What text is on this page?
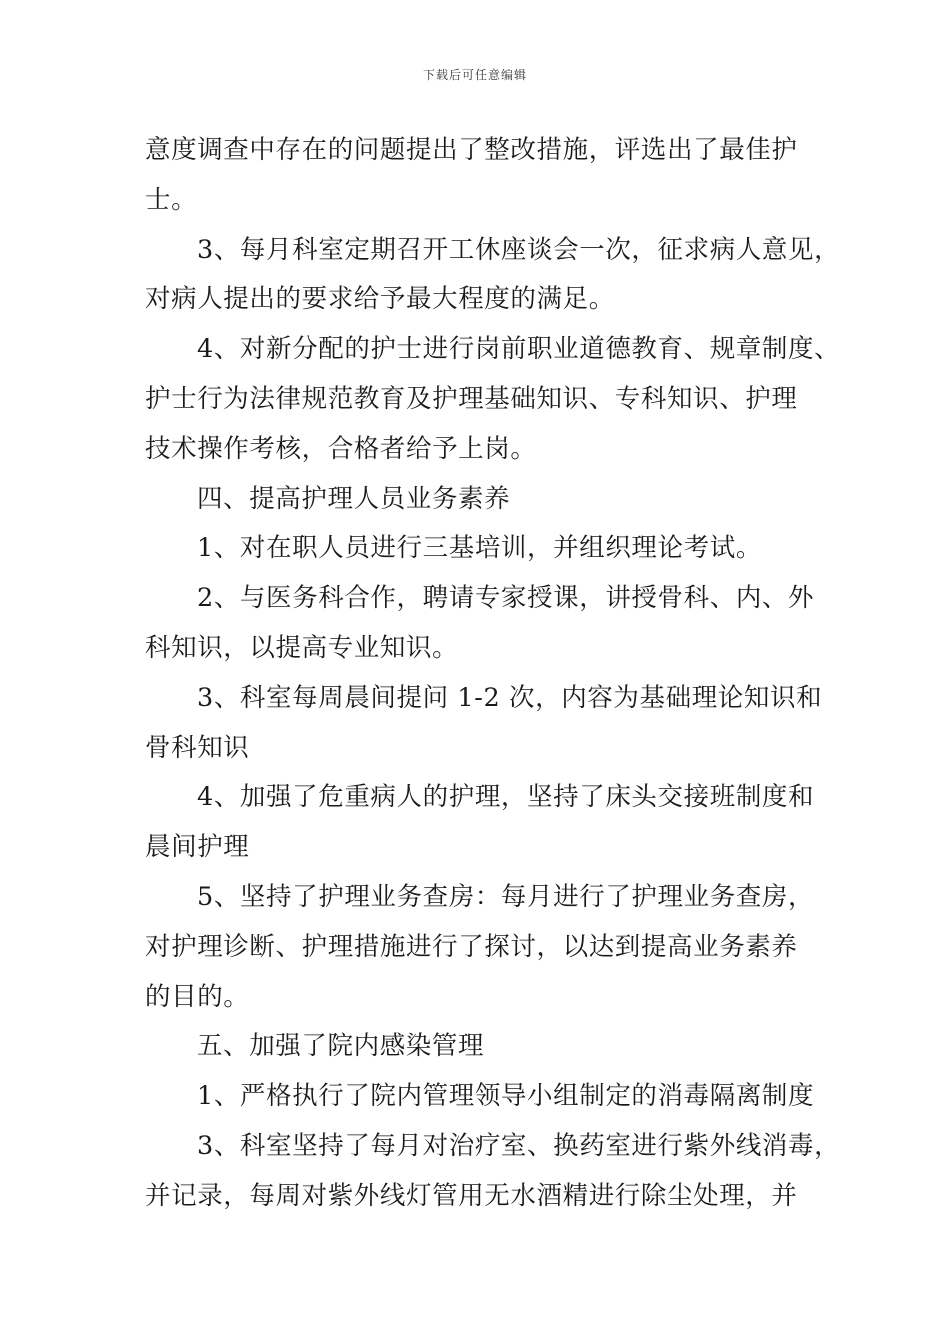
下载后可任意编辑
意度调查中存在的问题提出了整改措施，评选出了最佳护
士。
3、每月科室定期召开工休座谈会一次，征求病人意见，
对病人提出的要求给予最大程度的满足。
4、对新分配的护士进行岗前职业道德教育、规章制度、
护士行为法律规范教育及护理基础知识、专科知识、护理
技术操作考核，合格者给予上岗。
四、提高护理人员业务素养
1、对在职人员进行三基培训，并组织理论考试。
2、与医务科合作，聘请专家授课，讲授骨科、内、外
科知识，以提高专业知识。
3、科室每周晨间提问 1-2 次，内容为基础理论知识和
骨科知识
4、加强了危重病人的护理，坚持了床头交接班制度和
晨间护理
5、坚持了护理业务查房：每月进行了护理业务查房，
对护理诊断、护理措施进行了探讨，以达到提高业务素养
的目的。
五、加强了院内感染管理
1、严格执行了院内管理领导小组制定的消毒隔离制度
3、科室坚持了每月对治疗室、换药室进行紫外线消毒，
并记录，每周对紫外线灯管用无水酒精进行除尘处理，并
